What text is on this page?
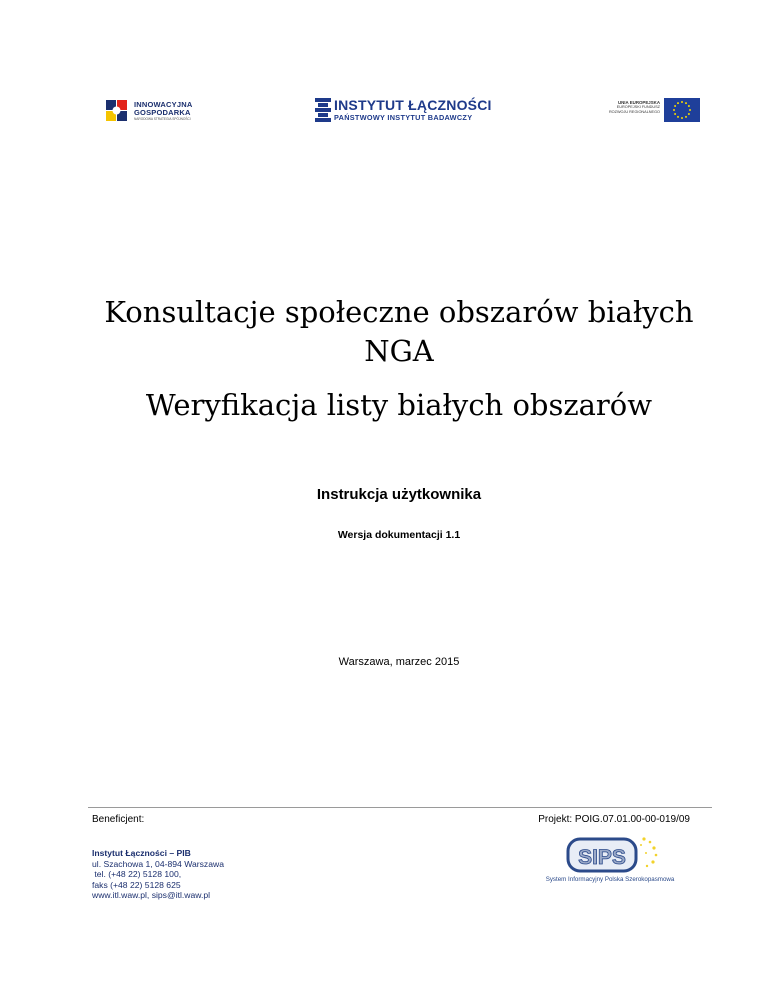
INNOWACYJNA
GOSPODARKA
NARODOWA STRATEGIA SPÓJNOŚCI
INSTYTUT ŁĄCZNOŚCI
PAŃSTWOWY INSTYTUT BADAWCZY
UNIA EUROPEJSKA
EUROPEJSKI FUNDUSZ
ROZWOJU REGIONALNEGO
Konsultacje społeczne obszarów białych
NGA
Weryfikacja listy białych obszarów
Instrukcja użytkownika
Wersja dokumentacji 1.1
Warszawa, marzec 2015
Beneficjent:	Projekt: POIG.07.01.00-00-019/09
Instytut Łączności – PIB
ul. Szachowa 1, 04-894 Warszawa
tel. (+48 22) 5128 100,
faks (+48 22) 5128 625
www.itl.waw.pl, sips@itl.waw.pl
SIPS
System Informacyjny Polska Szerokopasmowa
